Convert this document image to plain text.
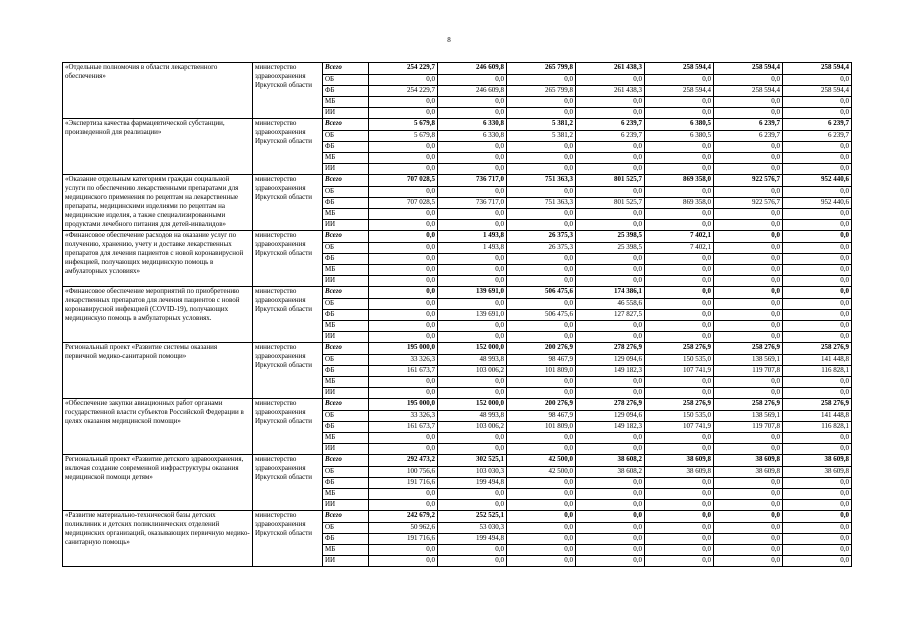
8
«Отдельные полномочия в области лекарственного обеспечения»	министерство здравоохранения Иркутской области	Всего	254 229,7	246 609,8	265 799,8	261 438,3	258 594,4	258 594,4	258 594,4
		ОБ	0,0	0,0	0,0	0,0	0,0	0,0	0,0
		ФБ	254 229,7	246 609,8	265 799,8	261 438,3	258 594,4	258 594,4	258 594,4
		МБ	0,0	0,0	0,0	0,0	0,0	0,0	0,0
		ИИ	0,0	0,0	0,0	0,0	0,0	0,0	0,0
«Экспертиза качества фармацевтической субстанции, произведенной для реализации»	министерство здравоохранения Иркутской области	Всего	5 679,8	6 330,8	5 381,2	6 239,7	6 380,5	6 239,7	6 239,7
		ОБ	5 679,8	6 330,8	5 381,2	6 239,7	6 380,5	6 239,7	6 239,7
		ФБ	0,0	0,0	0,0	0,0	0,0	0,0	0,0
		МБ	0,0	0,0	0,0	0,0	0,0	0,0	0,0
		ИИ	0,0	0,0	0,0	0,0	0,0	0,0	0,0
«Оказание отдельным категориям граждан социальной услуги по обеспечению лекарственными препаратами для медицинского применения по рецептам на лекарственные препараты, медицинскими изделиями по рецептам на медицинские изделия, а также специализированными продуктами лечебного питания для детей-инвалидов»	министерство здравоохранения Иркутской области	Всего	707 028,5	736 717,0	751 363,3	801 525,7	869 358,0	922 576,7	952 440,6
		ОБ	0,0	0,0	0,0	0,0	0,0	0,0	0,0
		ФБ	707 028,5	736 717,0	751 363,3	801 525,7	869 358,0	922 576,7	952 440,6
		МБ	0,0	0,0	0,0	0,0	0,0	0,0	0,0
		ИИ	0,0	0,0	0,0	0,0	0,0	0,0	0,0
«Финансовое обеспечение расходов на оказание услуг по получению, хранению, учету и доставке лекарственных препаратов для лечения пациентов с новой коронавирусной инфекцией, получающих медицинскую помощь в амбулаторных условиях»	министерство здравоохранения Иркутской области	Всего	0,0	1 493,8	26 375,3	25 398,5	7 402,1	0,0	0,0
		ОБ	0,0	1 493,8	26 375,3	25 398,5	7 402,1	0,0	0,0
		ФБ	0,0	0,0	0,0	0,0	0,0	0,0	0,0
		МБ	0,0	0,0	0,0	0,0	0,0	0,0	0,0
		ИИ	0,0	0,0	0,0	0,0	0,0	0,0	0,0
«Финансовое обеспечение мероприятий по приобретению лекарственных препаратов для лечения пациентов с новой коронавирусной инфекцией (COVID-19), получающих медицинскую помощь в амбулаторных условиях.	министерство здравоохранения Иркутской области	Всего	0,0	139 691,0	506 475,6	174 386,1	0,0	0,0	0,0
		ОБ	0,0	0,0	0,0	46 558,6	0,0	0,0	0,0
		ФБ	0,0	139 691,0	506 475,6	127 827,5	0,0	0,0	0,0
		МБ	0,0	0,0	0,0	0,0	0,0	0,0	0,0
		ИИ	0,0	0,0	0,0	0,0	0,0	0,0	0,0
Региональный проект «Развитие системы оказания первичной медико-санитарной помощи»	министерство здравоохранения Иркутской области	Всего	195 000,0	152 000,0	200 276,9	278 276,9	258 276,9	258 276,9	258 276,9
		ОБ	33 326,3	48 993,8	98 467,9	129 094,6	150 535,0	138 569,1	141 448,8
		ФБ	161 673,7	103 006,2	101 809,0	149 182,3	107 741,9	119 707,8	116 828,1
		МБ	0,0	0,0	0,0	0,0	0,0	0,0	0,0
		ИИ	0,0	0,0	0,0	0,0	0,0	0,0	0,0
«Обеспечение закупки авиационных работ органами государственной власти субъектов Российской Федерации в целях оказания медицинской помощи»	министерство здравоохранения Иркутской области	Всего	195 000,0	152 000,0	200 276,9	278 276,9	258 276,9	258 276,9	258 276,9
		ОБ	33 326,3	48 993,8	98 467,9	129 094,6	150 535,0	138 569,1	141 448,8
		ФБ	161 673,7	103 006,2	101 809,0	149 182,3	107 741,9	119 707,8	116 828,1
		МБ	0,0	0,0	0,0	0,0	0,0	0,0	0,0
		ИИ	0,0	0,0	0,0	0,0	0,0	0,0	0,0
Региональный проект «Развитие детского здравоохранения, включая создание современной инфраструктуры оказания медицинской помощи детям»	министерство здравоохранения Иркутской области	Всего	292 473,2	302 525,1	42 500,0	38 608,2	38 609,8	38 609,8	38 609,8
		ОБ	100 756,6	103 030,3	42 500,0	38 608,2	38 609,8	38 609,8	38 609,8
		ФБ	191 716,6	199 494,8	0,0	0,0	0,0	0,0	0,0
		МБ	0,0	0,0	0,0	0,0	0,0	0,0	0,0
		ИИ	0,0	0,0	0,0	0,0	0,0	0,0	0,0
«Развитие материально-технической базы детских поликлиник и детских поликлинических отделений медицинских организаций, оказывающих первичную медико-санитарную помощь»	министерство здравоохранения Иркутской области	Всего	242 679,2	252 525,1	0,0	0,0	0,0	0,0	0,0
		ОБ	50 962,6	53 030,3	0,0	0,0	0,0	0,0	0,0
		ФБ	191 716,6	199 494,8	0,0	0,0	0,0	0,0	0,0
		МБ	0,0	0,0	0,0	0,0	0,0	0,0	0,0
		ИИ	0,0	0,0	0,0	0,0	0,0	0,0	0,0
